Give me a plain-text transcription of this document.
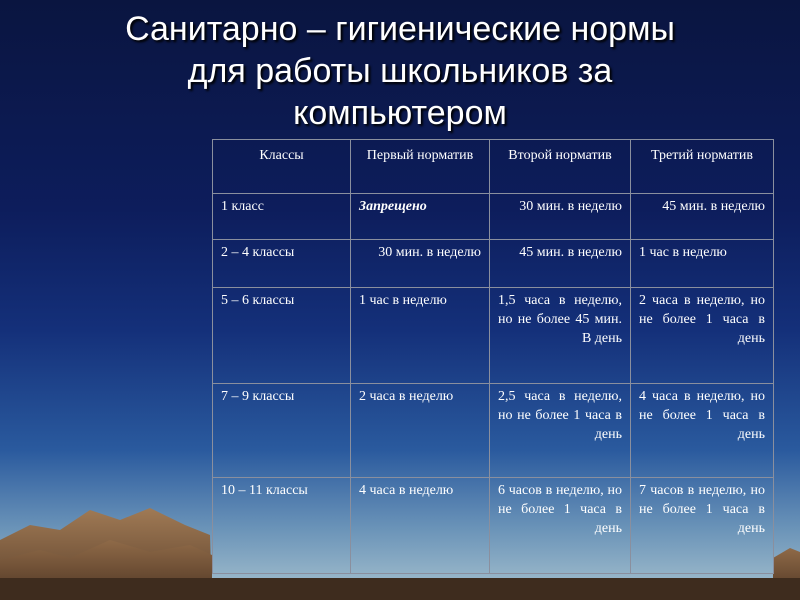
Санитарно – гигиенические нормы
для работы школьников за
компьютером
Классы	Первый норматив	Второй норматив	Третий норматив
1 класс	Запрещено	30 мин. в неделю	45 мин. в неделю
2 – 4 классы	30 мин. в неделю	45 мин. в неделю	1 час в неделю
5 – 6 классы	1 час в неделю	1,5 часа в неделю, но не более 45 мин. В день	2 часа в неделю, но не более 1 часа в день
7 – 9 классы	2 часа в неделю	2,5 часа в неделю, но не более 1 часа в день	4 часа в неделю, но не более 1 часа в день
10 – 11 классы	4 часа в неделю	6 часов в неделю, но не более 1 часа в день	7 часов в неделю, но не более 1 часа в день
